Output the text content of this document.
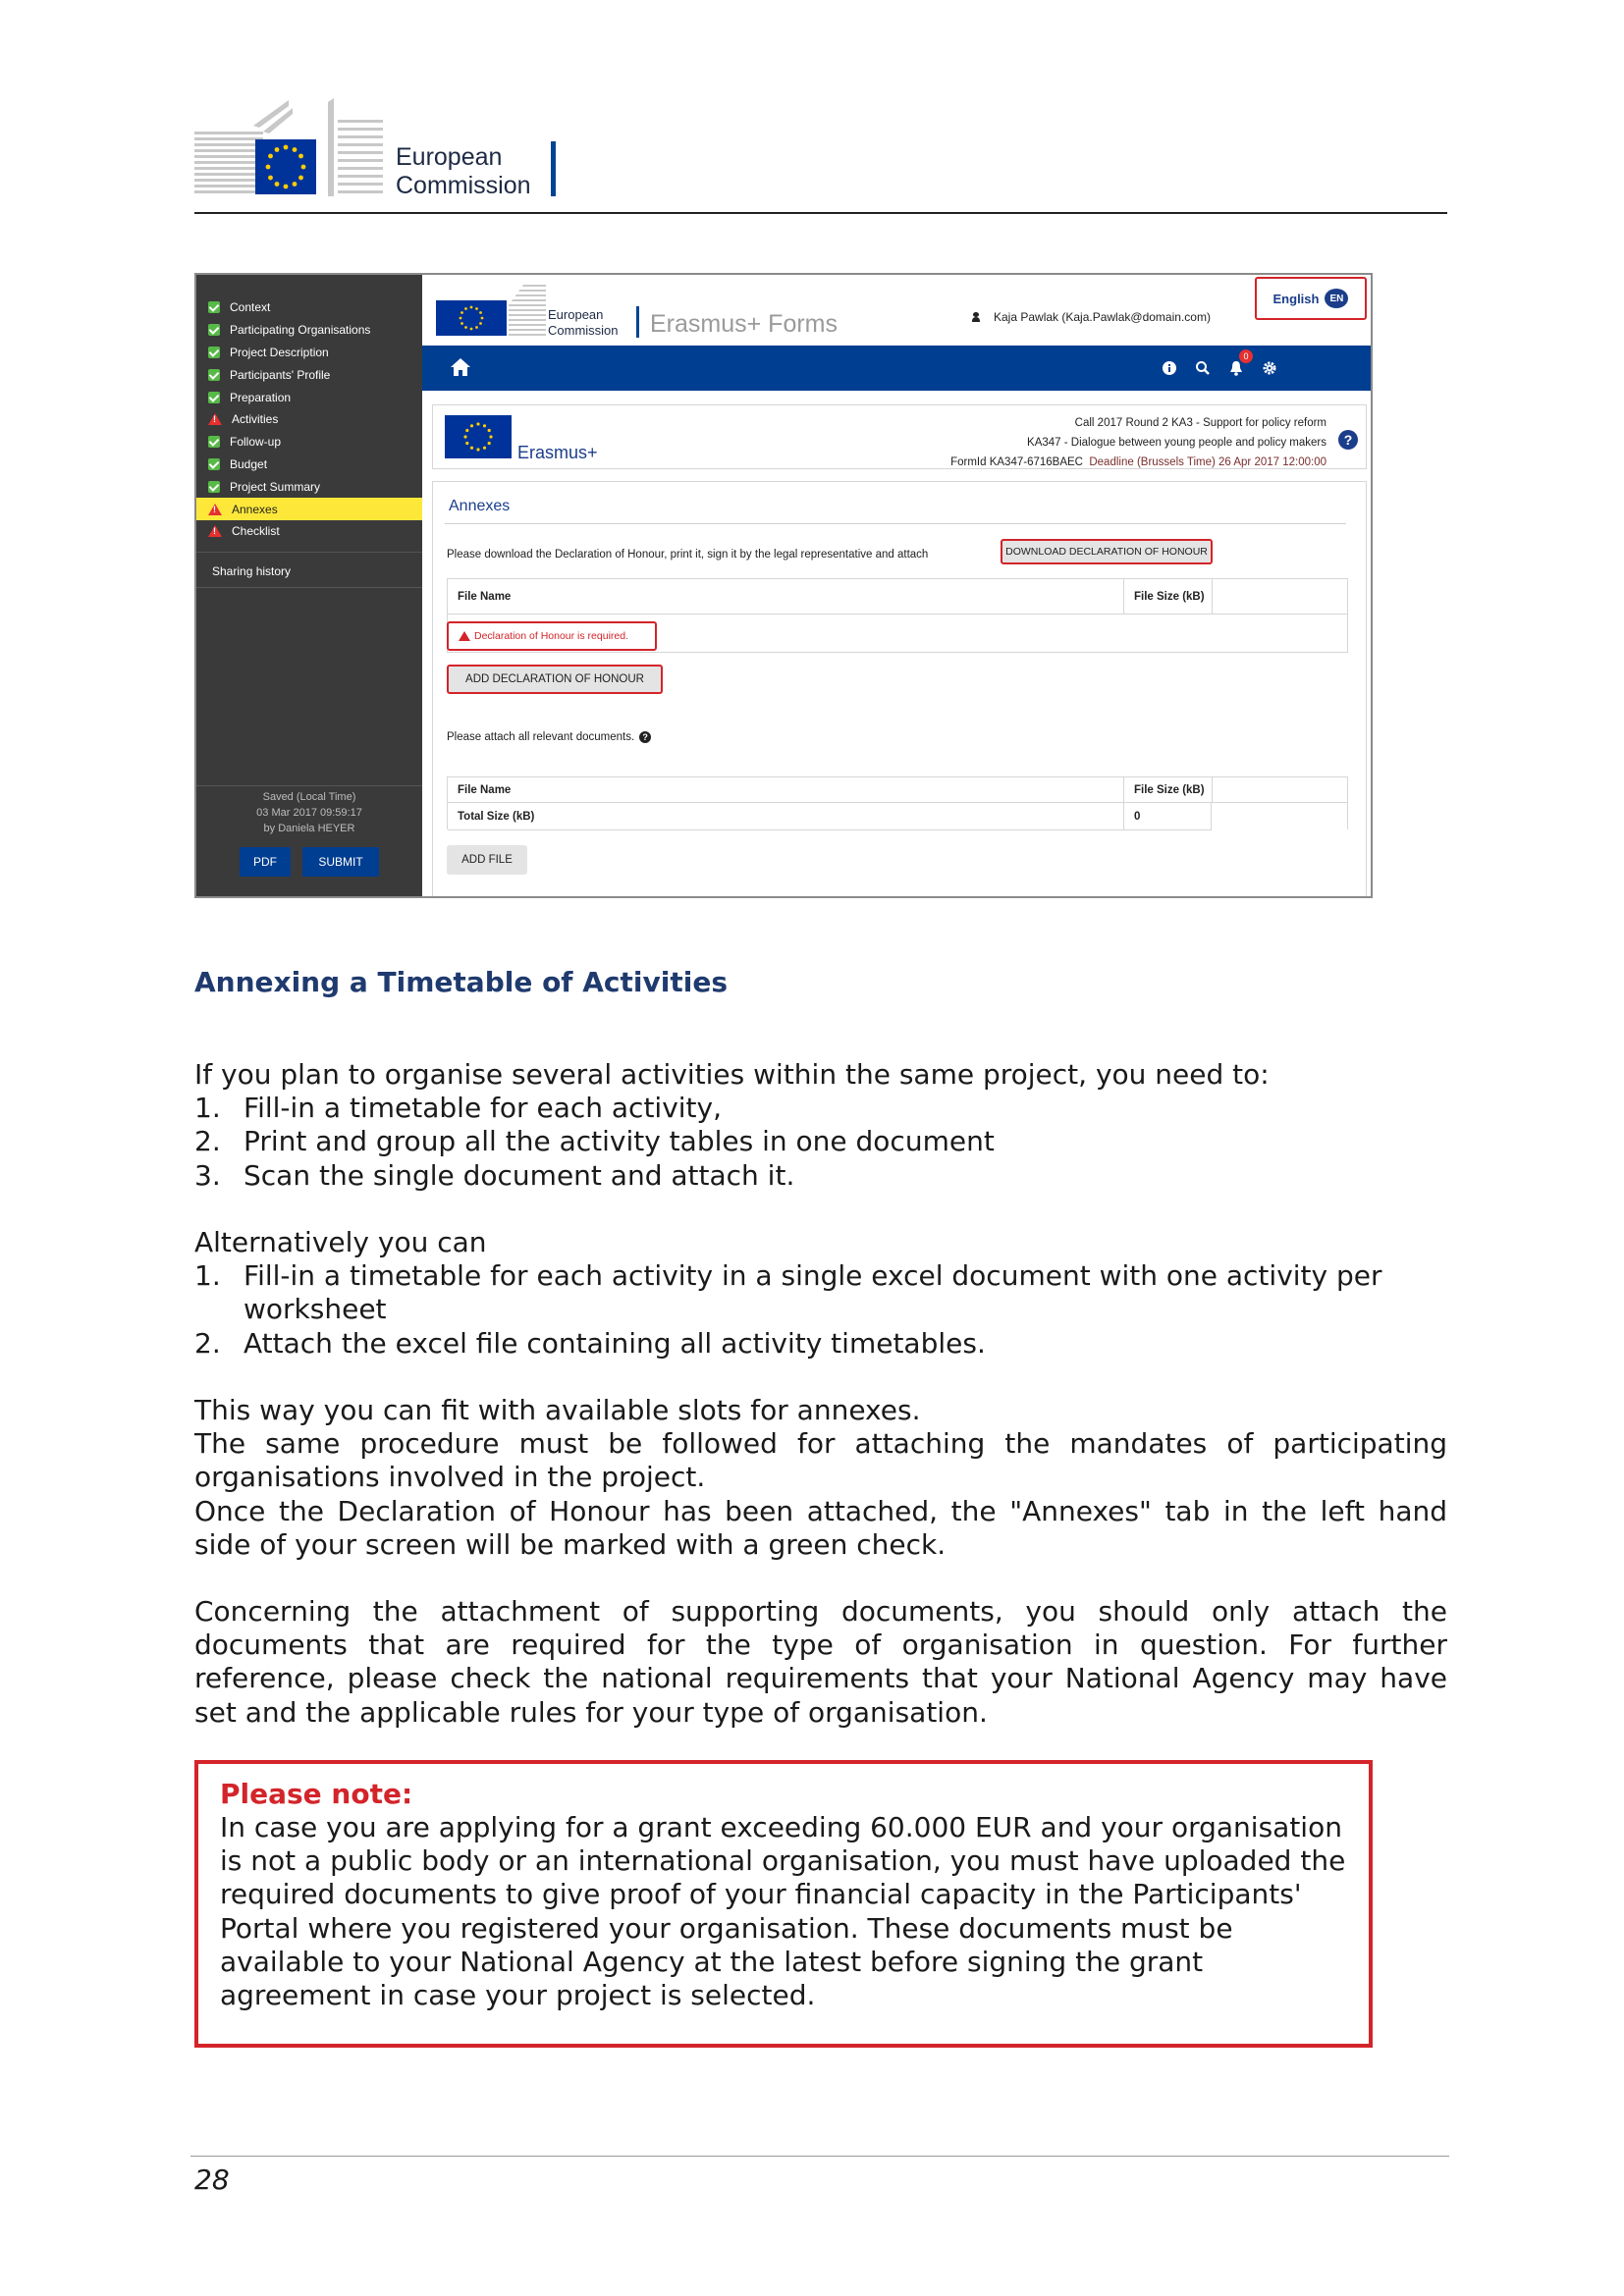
European
Commission
Context
Participating Organisations
Project Description
Participants' Profile
Preparation
!
Activities
Follow-up
Budget
Project Summary
!
Annexes
!
Checklist
Sharing history
Saved (Local Time)
03 Mar 2017 09:59:17
by Daniela HEYER
PDF	SUBMIT
European
Commission Erasmus+ Forms	Kaja Pawlak (Kaja.Pawlak@domain.com)
English	EN
0
Erasmus+
Call 2017 Round 2 KA3 - Support for policy reform
KA347 - Dialogue between young people and policy makers
FormId KA347-6716BAEC Deadline (Brussels Time) 26 Apr 2017 12:00:00
?
Annexes
Please download the Declaration of Honour, print it, sign it by the legal representative and attach	DOWNLOAD DECLARATION OF HONOUR
File Name	File Size (kB)
Declaration of Honour is required.
ADD DECLARATION OF HONOUR
Please attach all relevant documents. ?
File Name	File Size (kB)
Total Size (kB)	0
ADD FILE
Annexing a Timetable of Activities
If you plan to organise several activities within the same project, you need to:
1. Fill-in a timetable for each activity,
2. Print and group all the activity tables in one document
3. Scan the single document and attach it.
Alternatively you can
1. Fill-in a timetable for each activity in a single excel document with one activity per worksheet
2. Attach the excel file containing all activity timetables.
This way you can fit with available slots for annexes.
The same procedure must be followed for attaching the mandates of participating organisations involved in the project.
Once the Declaration of Honour has been attached, the "Annexes" tab in the left hand side of your screen will be marked with a green check.
Concerning the attachment of supporting documents, you should only attach the documents that are required for the type of organisation in question. For further reference, please check the national requirements that your National Agency may have set and the applicable rules for your type of organisation.
Please note:
In case you are applying for a grant exceeding 60.000 EUR and your organisation is not a public body or an international organisation, you must have uploaded the required documents to give proof of your financial capacity in the Participants' Portal where you registered your organisation. These documents must be available to your National Agency at the latest before signing the grant agreement in case your project is selected.
28
